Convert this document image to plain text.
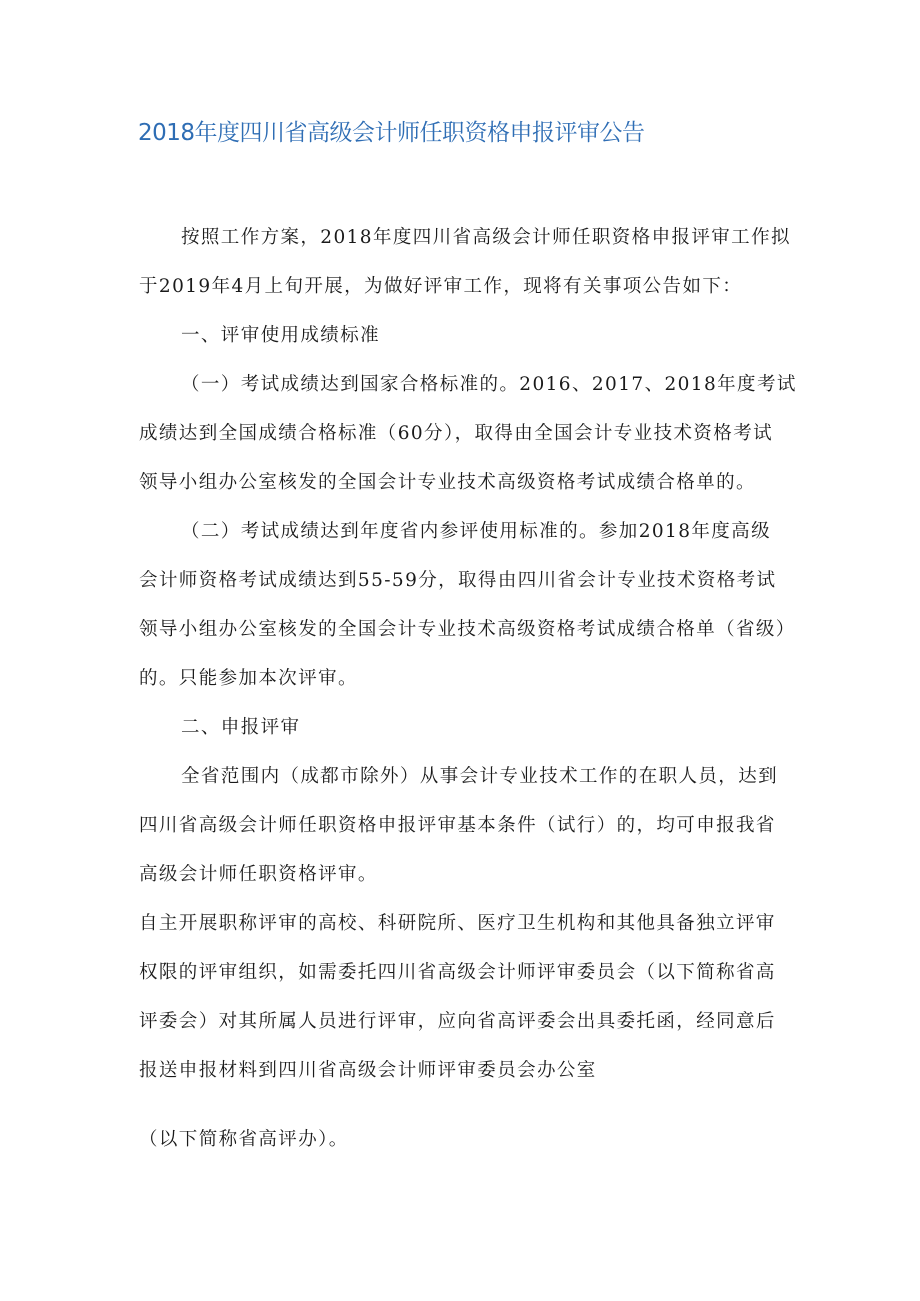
2018年度四川省高级会计师任职资格申报评审公告
按照工作方案，2018年度四川省高级会计师任职资格申报评审工作拟
于2019年4月上旬开展，为做好评审工作，现将有关事项公告如下：
一、评审使用成绩标准
（一）考试成绩达到国家合格标准的。2016、2017、2018年度考试
成绩达到全国成绩合格标准（60分），取得由全国会计专业技术资格考试
领导小组办公室核发的全国会计专业技术高级资格考试成绩合格单的。
（二）考试成绩达到年度省内参评使用标准的。参加2018年度高级
会计师资格考试成绩达到55-59分，取得由四川省会计专业技术资格考试
领导小组办公室核发的全国会计专业技术高级资格考试成绩合格单（省级）
的。只能参加本次评审。
二、申报评审
全省范围内（成都市除外）从事会计专业技术工作的在职人员，达到
四川省高级会计师任职资格申报评审基本条件（试行）的，均可申报我省
高级会计师任职资格评审。
自主开展职称评审的高校、科研院所、医疗卫生机构和其他具备独立评审
权限的评审组织，如需委托四川省高级会计师评审委员会（以下简称省高
评委会）对其所属人员进行评审，应向省高评委会出具委托函，经同意后
报送申报材料到四川省高级会计师评审委员会办公室
（以下简称省高评办）。
